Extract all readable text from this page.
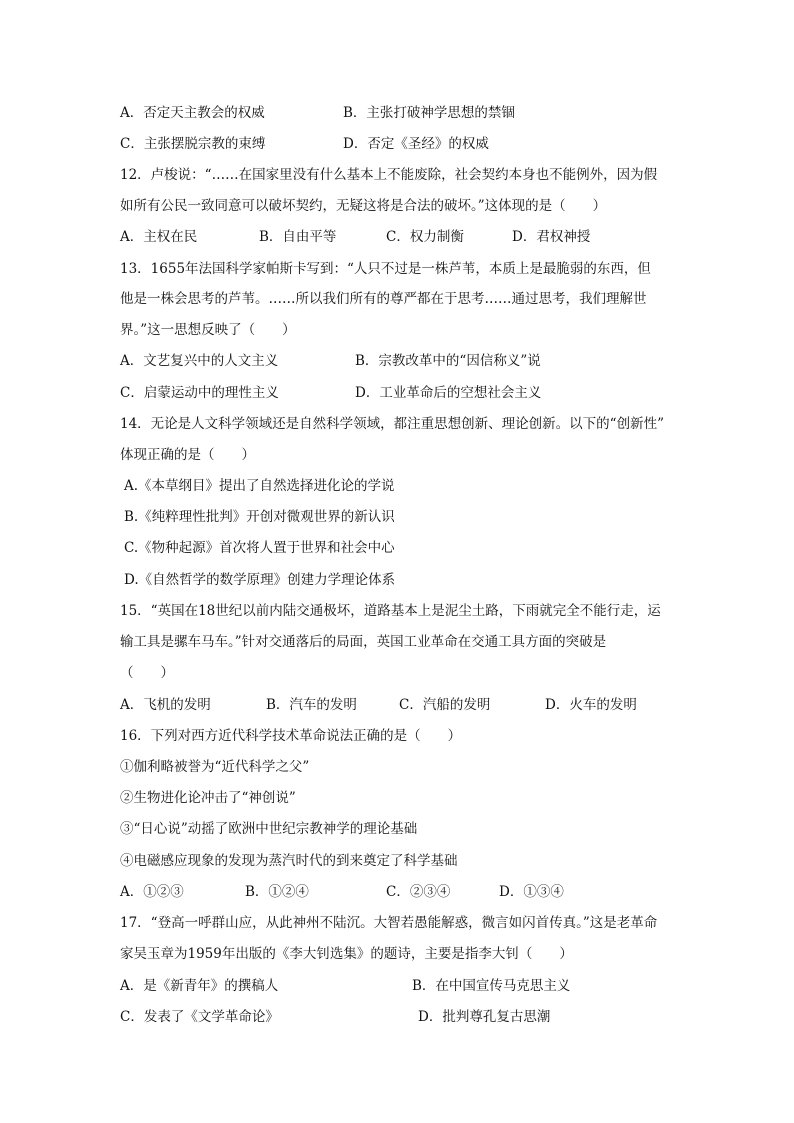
A．否定天主教会的权威	B．主张打破神学思想的禁锢
C．主张摆脱宗教的束缚	D．否定《圣经》的权威
12．卢梭说：“……在国家里没有什么基本上不能废除，社会契约本身也不能例外，因为假
如所有公民一致同意可以破坏契约，无疑这将是合法的破坏。”这体现的是（　　）
A．主权在民	B．自由平等	C．权力制衡	D．君权神授
13．1655年法国科学家帕斯卡写到：“人只不过是一株芦苇，本质上是最脆弱的东西，但
他是一株会思考的芦苇。……所以我们所有的尊严都在于思考……通过思考，我们理解世
界。”这一思想反映了（　　）
A．文艺复兴中的人文主义	B．宗教改革中的“因信称义”说
C．启蒙运动中的理性主义	D．工业革命后的空想社会主义
14．无论是人文科学领域还是自然科学领域，都注重思想创新、理论创新。以下的“创新性”
体现正确的是（　　）
A.《本草纲目》提出了自然选择进化论的学说
B.《纯粹理性批判》开创对微观世界的新认识
C.《物种起源》首次将人置于世界和社会中心
D.《自然哲学的数学原理》创建力学理论体系
15．“英国在18世纪以前内陆交通极坏，道路基本上是泥尘土路，下雨就完全不能行走，运
输工具是骡车马车。”针对交通落后的局面，英国工业革命在交通工具方面的突破是
（　　）
A．飞机的发明	B．汽车的发明	C．汽船的发明	D．火车的发明
16．下列对西方近代科学技术革命说法正确的是（　　）
①伽利略被誉为“近代科学之父”
②生物进化论冲击了“神创说”
③“日心说”动摇了欧洲中世纪宗教神学的理论基础
④电磁感应现象的发现为蒸汽时代的到来奠定了科学基础
A．①②③	B．①②④	C．②③④	D．①③④
17．“登高一呼群山应，从此神州不陆沉。大智若愚能解惑，微言如闪首传真。”这是老革命
家吴玉章为1959年出版的《李大钊选集》的题诗，主要是指李大钊（　　）
A．是《新青年》的撰稿人	B．在中国宣传马克思主义
C．发表了《文学革命论》	D．批判尊孔复古思潮
